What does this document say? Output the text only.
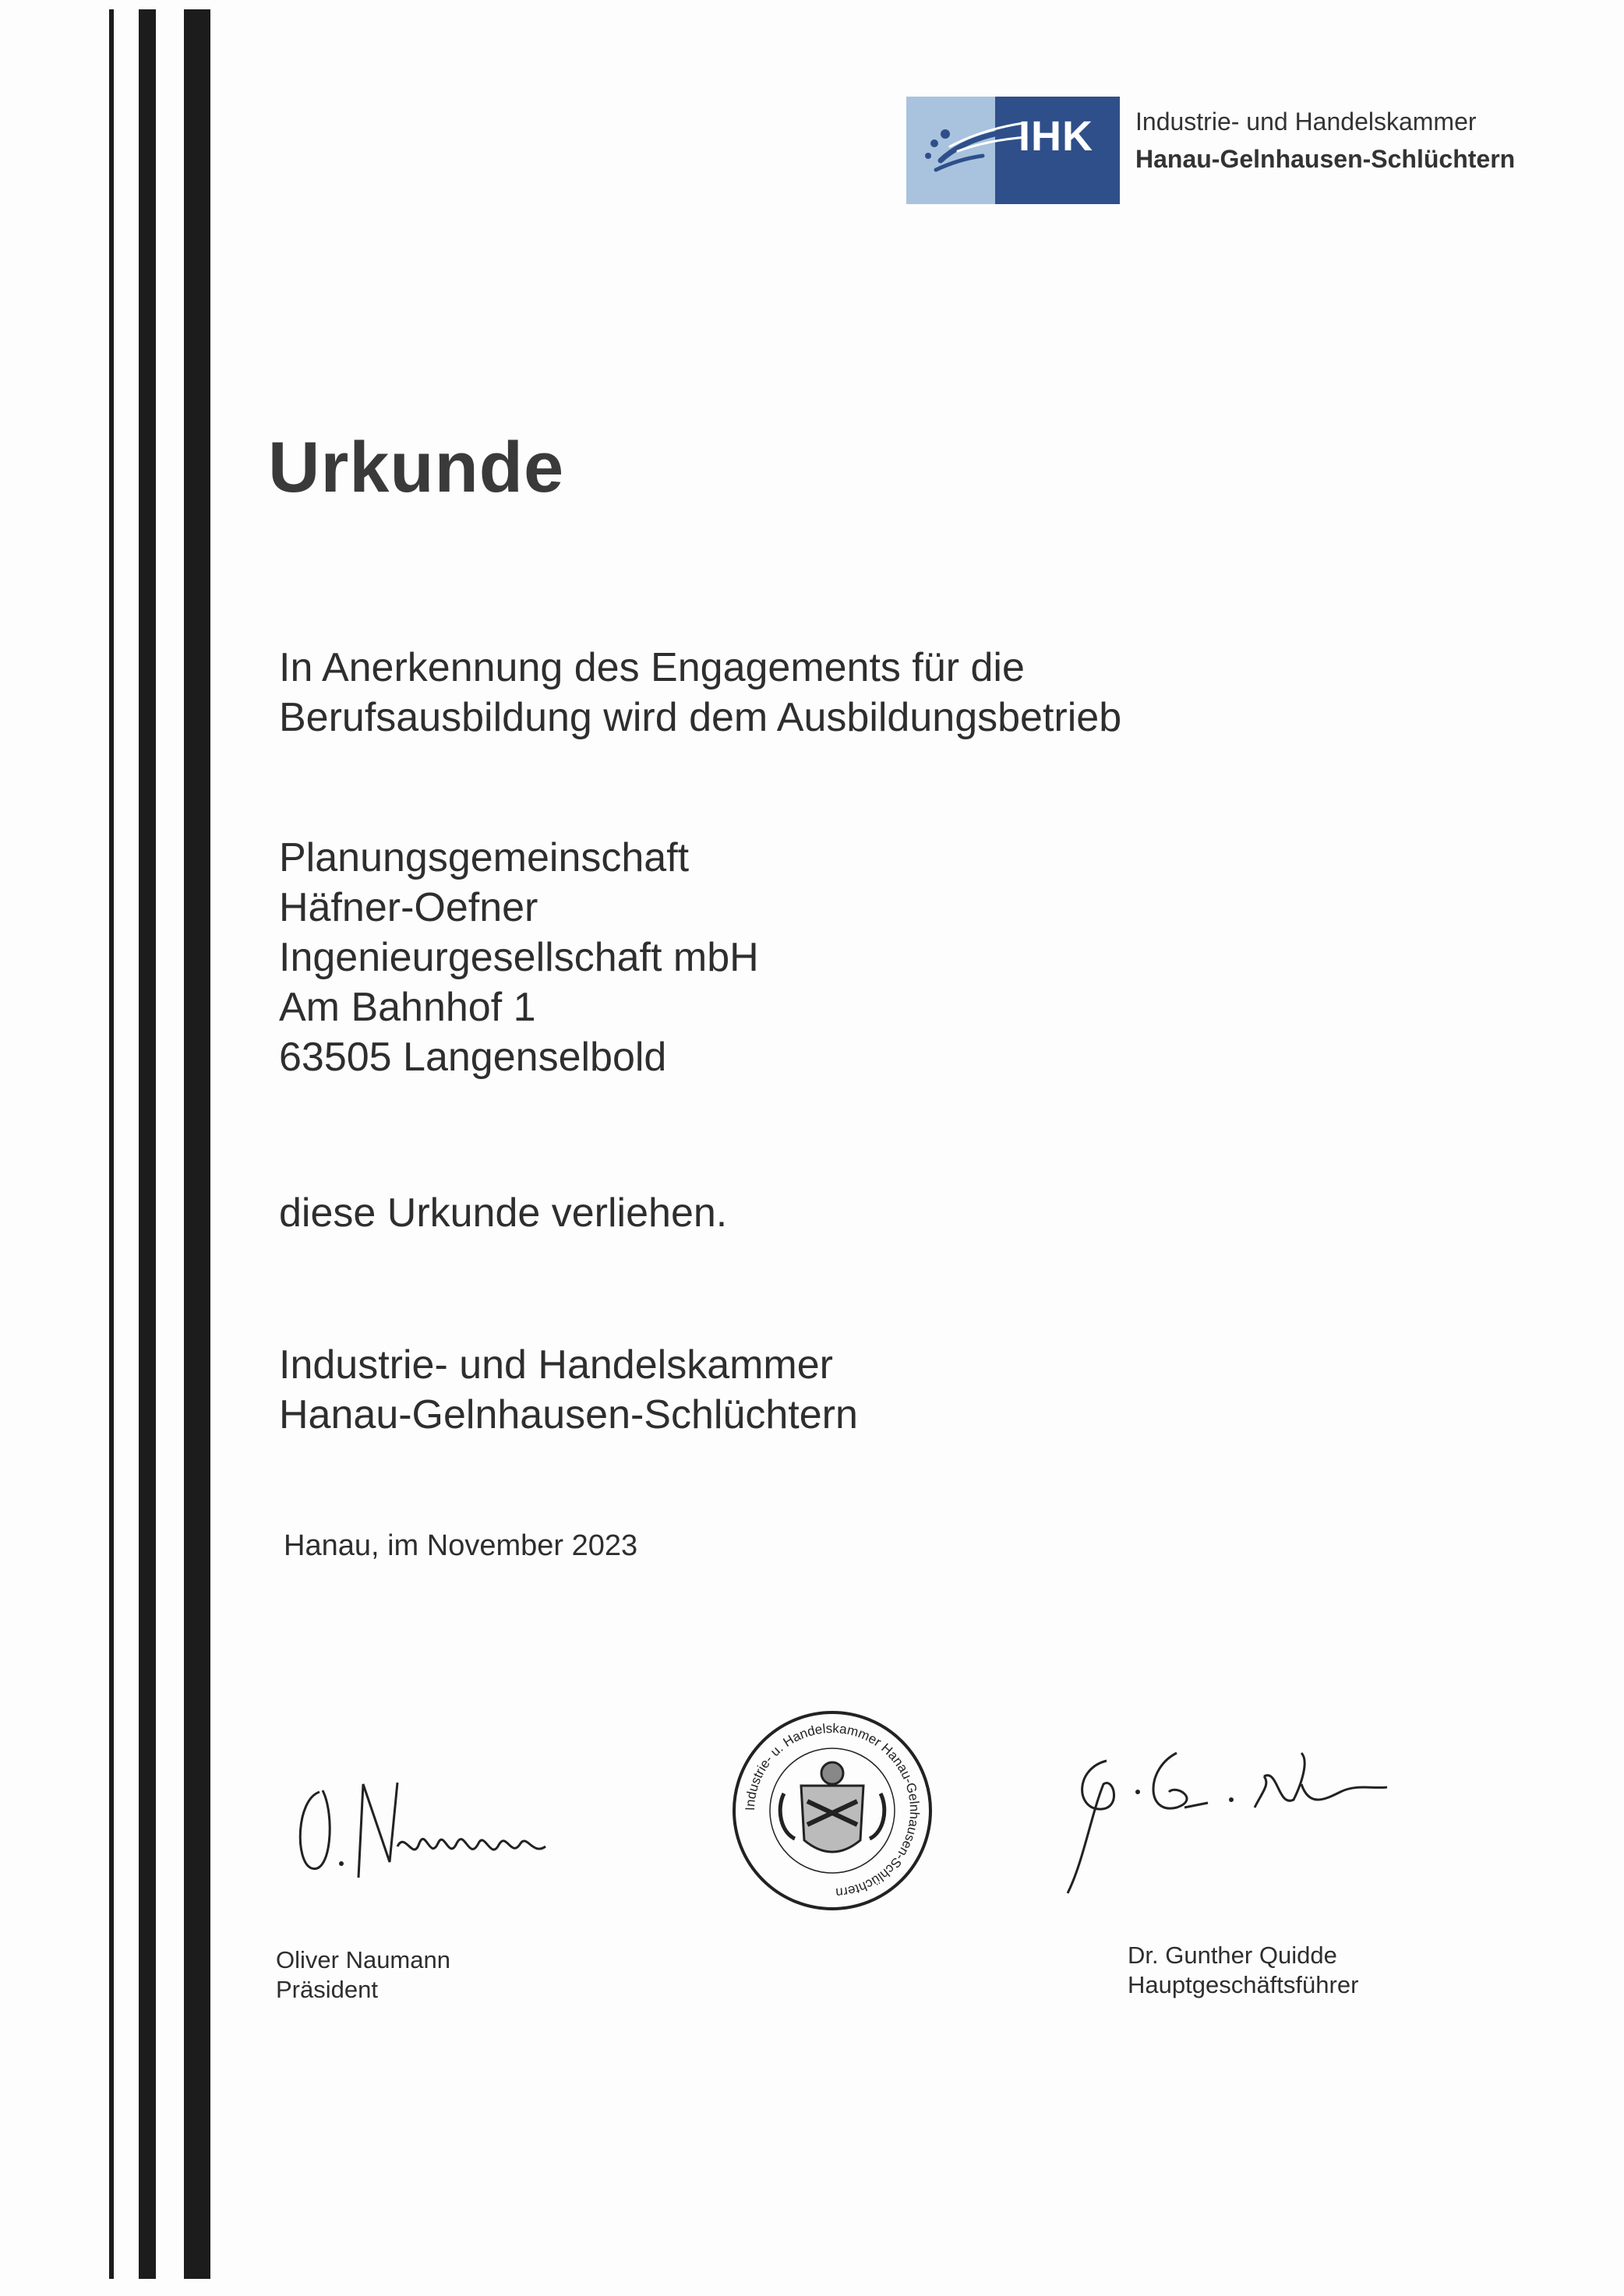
IHK Industrie- und Handelskammer
Hanau-Gelnhausen-Schlüchtern
Urkunde
In Anerkennung des Engagements für die
Berufsausbildung wird dem Ausbildungsbetrieb
Planungsgemeinschaft
Häfner-Oefner
Ingenieurgesellschaft mbH
Am Bahnhof 1
63505 Langenselbold
diese Urkunde verliehen.
Industrie- und Handelskammer
Hanau-Gelnhausen-Schlüchtern
Hanau, im November 2023
Industrie- u. Handelskammer Hanau-Gelnhausen-Schlüchtern
Oliver Naumann
Präsident
Dr. Gunther Quidde
Hauptgeschäftsführer
